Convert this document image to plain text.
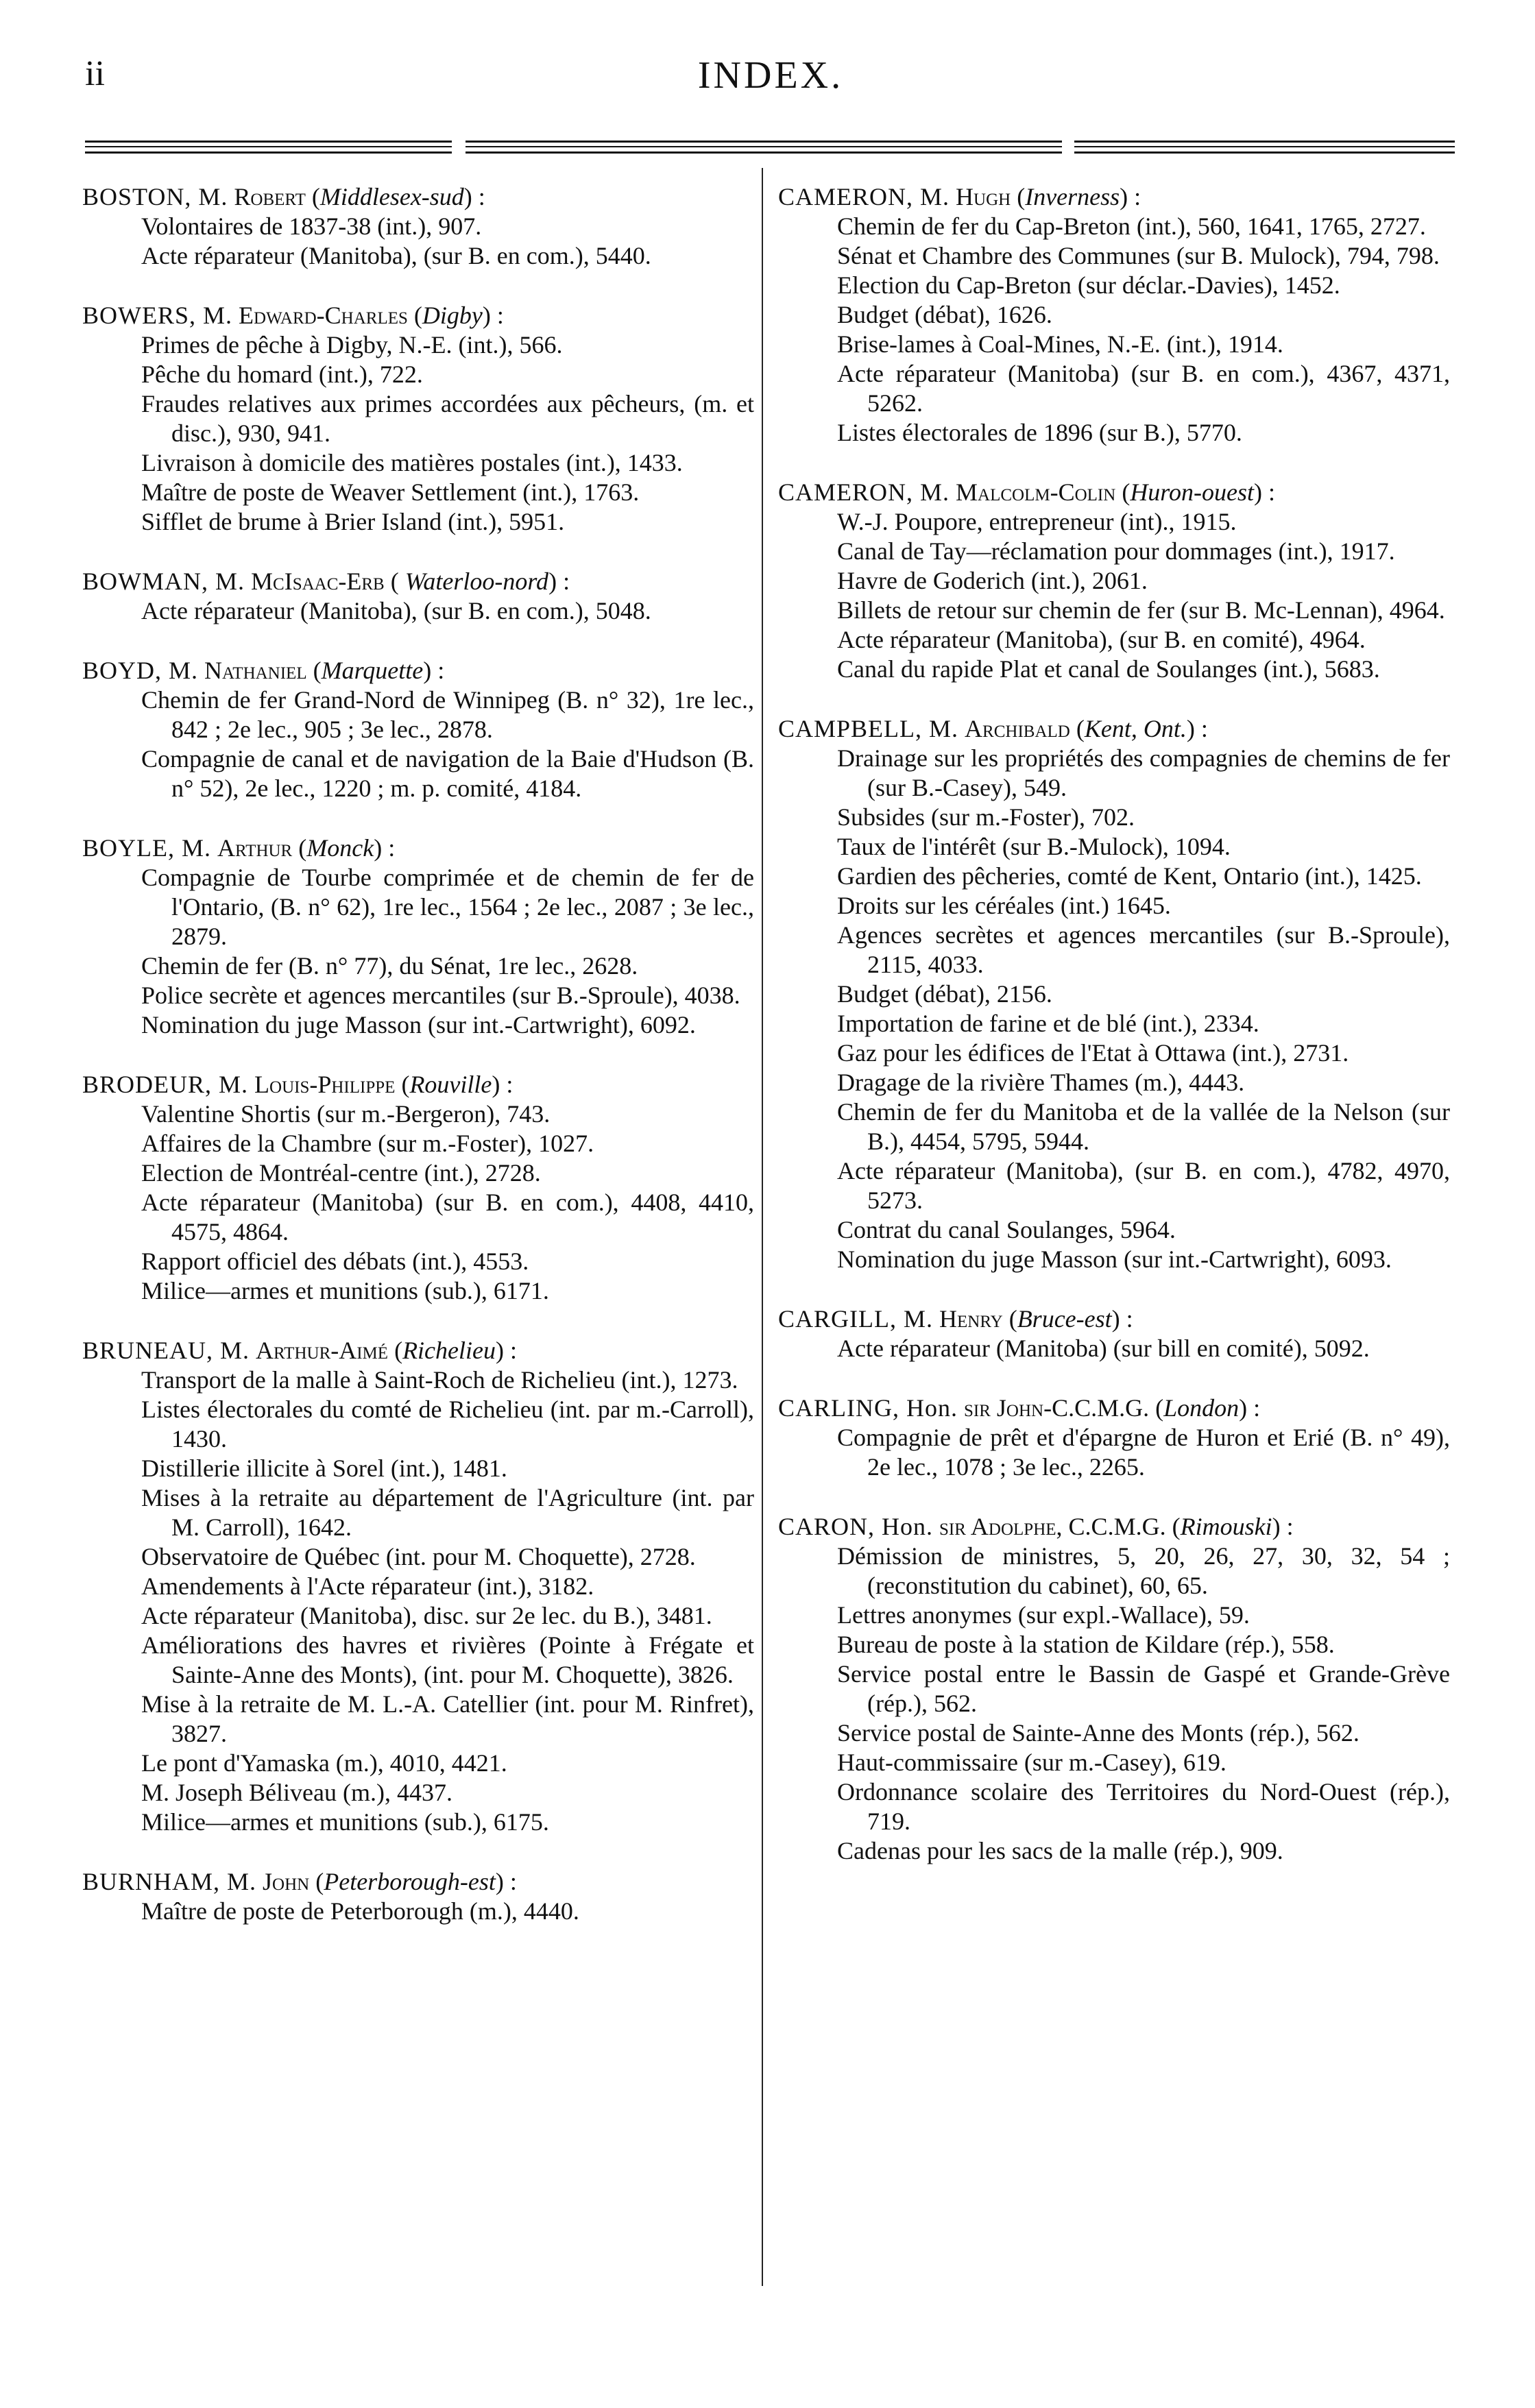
ii	INDEX.
BOSTON, M. Robert (Middlesex-sud) :
Volontaires de 1837-38 (int.), 907.
Acte réparateur (Manitoba), (sur B. en com.), 5440.
BOWERS, M. Edward-Charles (Digby) :
Primes de pêche à Digby, N.-E. (int.), 566.
Pêche du homard (int.), 722.
Fraudes relatives aux primes accordées aux pêcheurs, (m. et disc.), 930, 941.
Livraison à domicile des matières postales (int.), 1433.
Maître de poste de Weaver Settlement (int.), 1763.
Sifflet de brume à Brier Island (int.), 5951.
BOWMAN, M. McIsaac-Erb ( Waterloo-nord) :
Acte réparateur (Manitoba), (sur B. en com.), 5048.
BOYD, M. Nathaniel (Marquette) :
Chemin de fer Grand-Nord de Winnipeg (B. n° 32), 1re lec., 842 ; 2e lec., 905 ; 3e lec., 2878.
Compagnie de canal et de navigation de la Baie d'Hudson (B. n° 52), 2e lec., 1220 ; m. p. comité, 4184.
BOYLE, M. Arthur (Monck) :
Compagnie de Tourbe comprimée et de chemin de fer de l'Ontario, (B. n° 62), 1re lec., 1564 ; 2e lec., 2087 ; 3e lec., 2879.
Chemin de fer (B. n° 77), du Sénat, 1re lec., 2628.
Police secrète et agences mercantiles (sur B.-Sproule), 4038.
Nomination du juge Masson (sur int.-Cartwright), 6092.
BRODEUR, M. Louis-Philippe (Rouville) :
Valentine Shortis (sur m.-Bergeron), 743.
Affaires de la Chambre (sur m.-Foster), 1027.
Election de Montréal-centre (int.), 2728.
Acte réparateur (Manitoba) (sur B. en com.), 4408, 4410, 4575, 4864.
Rapport officiel des débats (int.), 4553.
Milice—armes et munitions (sub.), 6171.
BRUNEAU, M. Arthur-Aimé (Richelieu) :
Transport de la malle à Saint-Roch de Richelieu (int.), 1273.
Listes électorales du comté de Richelieu (int. par m.-Carroll), 1430.
Distillerie illicite à Sorel (int.), 1481.
Mises à la retraite au département de l'Agriculture (int. par M. Carroll), 1642.
Observatoire de Québec (int. pour M. Choquette), 2728.
Amendements à l'Acte réparateur (int.), 3182.
Acte réparateur (Manitoba), disc. sur 2e lec. du B.), 3481.
Améliorations des havres et rivières (Pointe à Frégate et Sainte-Anne des Monts), (int. pour M. Choquette), 3826.
Mise à la retraite de M. L.-A. Catellier (int. pour M. Rinfret), 3827.
Le pont d'Yamaska (m.), 4010, 4421.
M. Joseph Béliveau (m.), 4437.
Milice—armes et munitions (sub.), 6175.
BURNHAM, M. John (Peterborough-est) :
Maître de poste de Peterborough (m.), 4440.
CAMERON, M. Hugh (Inverness) :
Chemin de fer du Cap-Breton (int.), 560, 1641, 1765, 2727.
Sénat et Chambre des Communes (sur B. Mulock), 794, 798.
Election du Cap-Breton (sur déclar.-Davies), 1452.
Budget (débat), 1626.
Brise-lames à Coal-Mines, N.-E. (int.), 1914.
Acte réparateur (Manitoba) (sur B. en com.), 4367, 4371, 5262.
Listes électorales de 1896 (sur B.), 5770.
CAMERON, M. Malcolm-Colin (Huron-ouest) :
W.-J. Poupore, entrepreneur (int)., 1915.
Canal de Tay—réclamation pour dommages (int.), 1917.
Havre de Goderich (int.), 2061.
Billets de retour sur chemin de fer (sur B. Mc-Lennan), 4964.
Acte réparateur (Manitoba), (sur B. en comité), 4964.
Canal du rapide Plat et canal de Soulanges (int.), 5683.
CAMPBELL, M. Archibald (Kent, Ont.) :
Drainage sur les propriétés des compagnies de chemins de fer (sur B.-Casey), 549.
Subsides (sur m.-Foster), 702.
Taux de l'intérêt (sur B.-Mulock), 1094.
Gardien des pêcheries, comté de Kent, Ontario (int.), 1425.
Droits sur les céréales (int.) 1645.
Agences secrètes et agences mercantiles (sur B.-Sproule), 2115, 4033.
Budget (débat), 2156.
Importation de farine et de blé (int.), 2334.
Gaz pour les édifices de l'Etat à Ottawa (int.), 2731.
Dragage de la rivière Thames (m.), 4443.
Chemin de fer du Manitoba et de la vallée de la Nelson (sur B.), 4454, 5795, 5944.
Acte réparateur (Manitoba), (sur B. en com.), 4782, 4970, 5273.
Contrat du canal Soulanges, 5964.
Nomination du juge Masson (sur int.-Cartwright), 6093.
CARGILL, M. Henry (Bruce-est) :
Acte réparateur (Manitoba) (sur bill en comité), 5092.
CARLING, Hon. sir John-C.C.M.G. (London) :
Compagnie de prêt et d'épargne de Huron et Erié (B. n° 49), 2e lec., 1078 ; 3e lec., 2265.
CARON, Hon. sir Adolphe, C.C.M.G. (Rimouski) :
Démission de ministres, 5, 20, 26, 27, 30, 32, 54 ; (reconstitution du cabinet), 60, 65.
Lettres anonymes (sur expl.-Wallace), 59.
Bureau de poste à la station de Kildare (rép.), 558.
Service postal entre le Bassin de Gaspé et Grande-Grève (rép.), 562.
Service postal de Sainte-Anne des Monts (rép.), 562.
Haut-commissaire (sur m.-Casey), 619.
Ordonnance scolaire des Territoires du Nord-Ouest (rép.), 719.
Cadenas pour les sacs de la malle (rép.), 909.
